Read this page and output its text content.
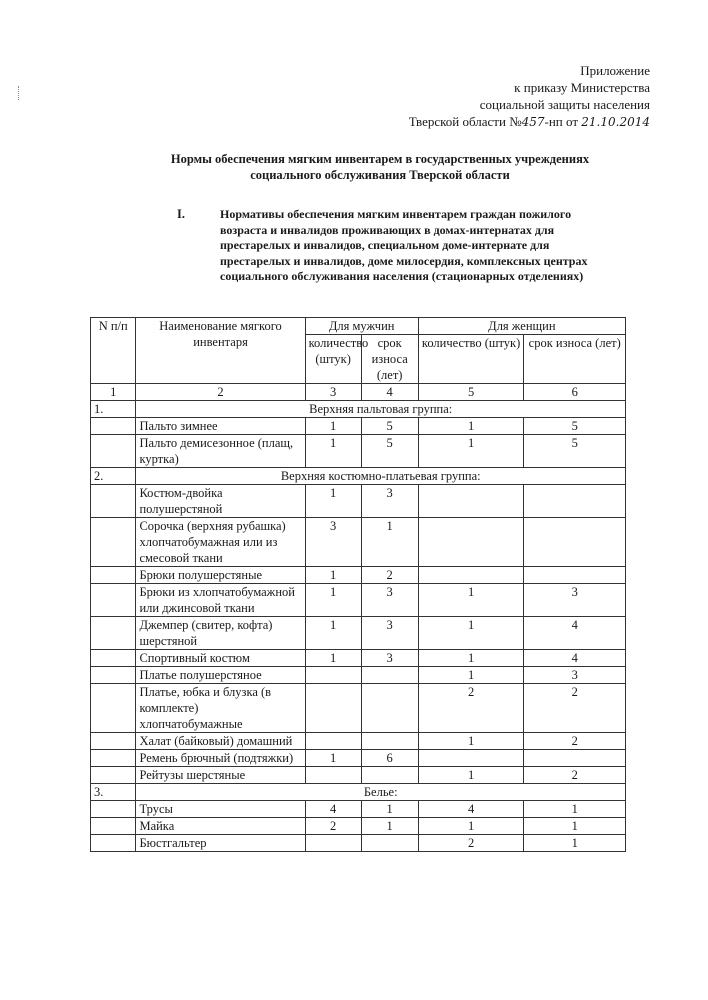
Приложение
к приказу Министерства
социальной защиты населения
Тверской области №457-нп от 21.10.2014
Нормы обеспечения мягким инвентарем в государственных учреждениях
социального обслуживания Тверской области
I.	Нормативы обеспечения мягким инвентарем граждан пожилого возраста и инвалидов проживающих в домах-интернатах для престарелых и инвалидов, специальном доме-интернате для престарелых и инвалидов, доме милосердия, комплексных центрах социального обслуживания населения (стационарных отделениях)
N п/п	Наименование мягкого инвентаря	Для мужчин		Для женщин	
		количество (штук)	срок износа (лет)	количество (штук)	срок износа (лет)
1	2	3	4	5	6
1.	Верхняя пальтовая группа:				
	Пальто зимнее	1	5	1	5
	Пальто демисезонное (плащ, куртка)	1	5	1	5
2.	Верхняя костюмно-платьевая группа:				
	Костюм-двойка полушерстяной	1	3		
	Сорочка (верхняя рубашка) хлопчатобумажная или из смесовой ткани	3	1		
	Брюки полушерстяные	1	2		
	Брюки из хлопчатобумажной или джинсовой ткани	1	3	1	3
	Джемпер (свитер, кофта) шерстяной	1	3	1	4
	Спортивный костюм	1	3	1	4
	Платье полушерстяное			1	3
	Платье, юбка и блузка (в комплекте) хлопчатобумажные			2	2
	Халат (байковый) домашний			1	2
	Ремень брючный (подтяжки)	1	6		
	Рейтузы шерстяные			1	2
3.	Белье:				
	Трусы	4	1	4	1
	Майка	2	1	1	1
	Бюстгальтер			2	1
